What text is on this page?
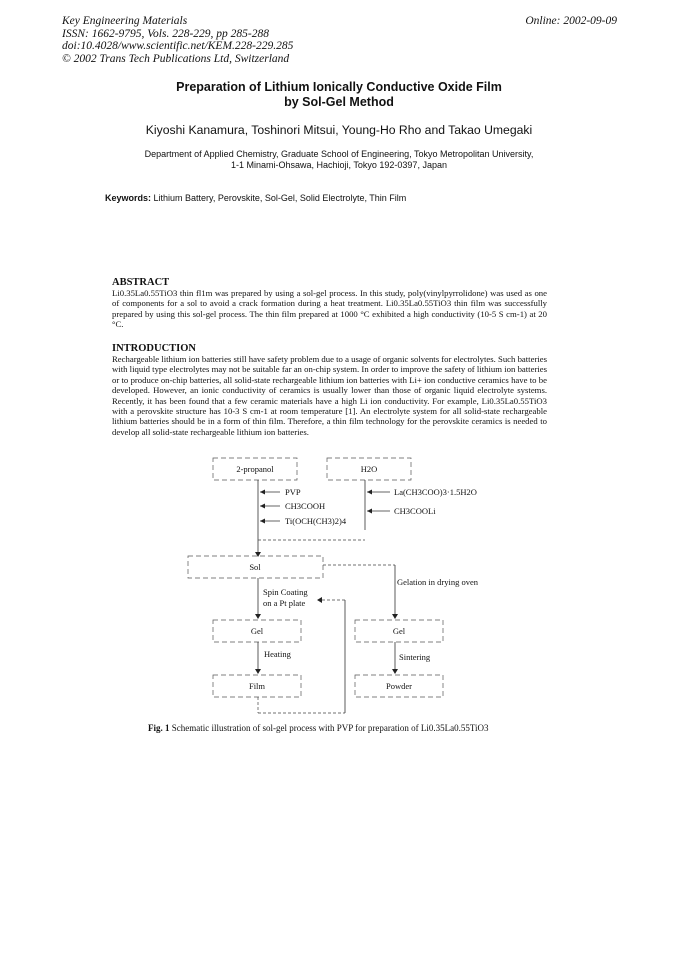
Key Engineering Materials
ISSN: 1662-9795, Vols. 228-229, pp 285-288
doi:10.4028/www.scientific.net/KEM.228-229.285
© 2002 Trans Tech Publications Ltd, Switzerland
Online: 2002-09-09
Preparation of Lithium Ionically Conductive Oxide Film
by Sol-Gel Method
Kiyoshi Kanamura, Toshinori Mitsui, Young-Ho Rho and Takao Umegaki
Department of Applied Chemistry, Graduate School of Engineering, Tokyo Metropolitan University,
1-1 Minami-Ohsawa, Hachioji, Tokyo 192-0397, Japan
Keywords: Lithium Battery, Perovskite, Sol-Gel, Solid Electrolyte, Thin Film
ABSTRACT

Li0.35La0.55TiO3 thin fl1m was prepared by using a sol-gel process. In this study, poly(vinylpyrrolidone) was used as one of components for a sol to avoid a crack formation during a heat treatment. Li0.35La0.55TiO3 thin film was successfully prepared by using this sol-gel process. The thin film prepared at 1000 °C exhibited a high conductivity (10-5 S cm-1) at 20 °C.

INTRODUCTION

Rechargeable lithium ion batteries still have safety problem due to a usage of organic solvents for electrolytes. Such batteries with liquid type electrolytes may not be suitable far an on-chip system. In order to improve the safety of lithium ion batteries or to produce on-chip batteries, all solid-state rechargeable lithium ion batteries with Li+ ion conductive ceramics have to be developed. However, an ionic conductivity of ceramics is usually lower than those of organic liquid electrolyte systems. Recently, it has been found that a few ceramic materials have a high Li ion conductivity. For example, Li0.35La0.55TiO3 with a perovskite structure has 10-3 S cm-1 at room temperature [1]. An electrolyte system for all solid-state rechargeable lithium batteries should be in a form of thin film. Therefore, a thin film technology for the perovskite ceramics is needed to develop all solid-state rechargeable lithium ion batteries.

2-propanol	H2O
PVP
CH3COOH
Ti(OCH(CH3)2)4
La(CH3COO)3·1.5H2O
CH3COOLi
Sol
Gelation in drying oven
Spin Coating
on a Pt plate
Gel	Gel
Heating	Sintering
Film	Powder
Fig. 1 Schematic illustration of sol-gel process with PVP for preparation of Li0.35La0.55TiO3
